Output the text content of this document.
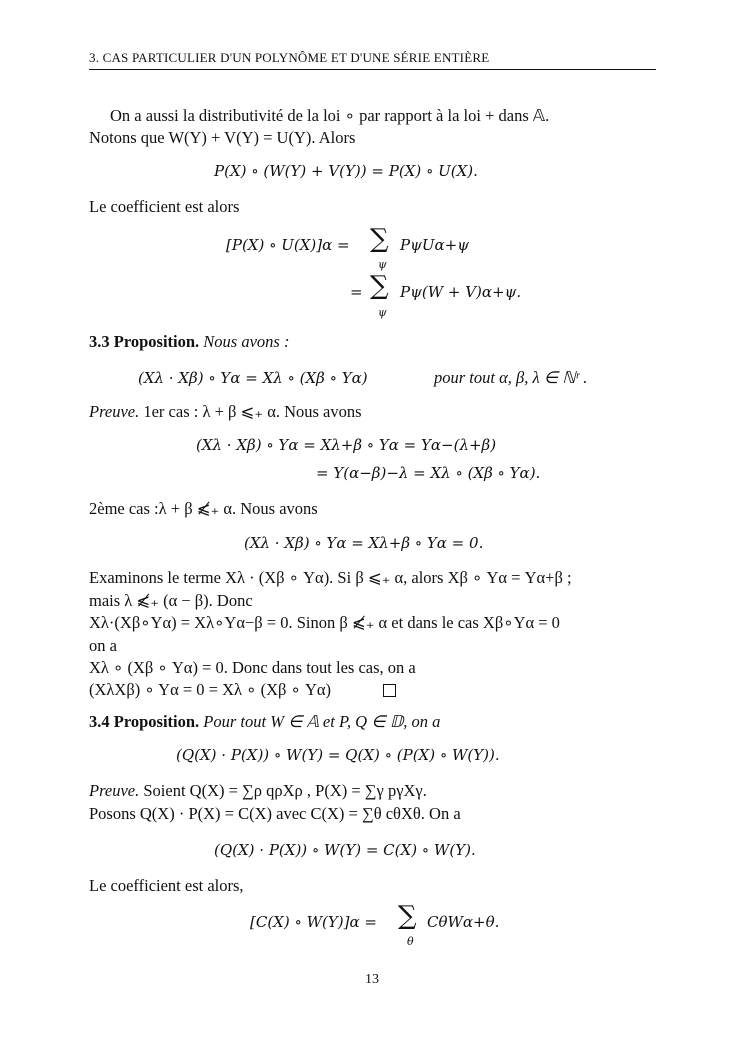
3. CAS PARTICULIER D'UN POLYNÔME ET D'UNE SÉRIE ENTIÈRE
On a aussi la distributivité de la loi ∘ par rapport à la loi + dans 𝔸.
Notons que W(Y) + V(Y) = U(Y). Alors
P(X) ∘ (W(Y) + V(Y)) = P(X) ∘ U(X).
Le coefficient est alors
[P(X) ∘ U(X)]α = ∑
ψ
PψUα+ψ
= ∑
ψ
Pψ(W + V)α+ψ.
3.3 Proposition. Nous avons :
(Xλ · Xβ) ∘ Yα = Xλ ∘ (Xβ ∘ Yα)	pour tout α, β, λ ∈ ℕʳ .
Preuve. 1er cas : λ + β ⩽₊ α. Nous avons
(Xλ · Xβ) ∘ Yα = Xλ+β ∘ Yα = Yα−(λ+β)
= Y(α−β)−λ = Xλ ∘ (Xβ ∘ Yα).
2ème cas :λ + β ⩽̸₊ α. Nous avons
(Xλ · Xβ) ∘ Yα = Xλ+β ∘ Yα = 0.
Examinons le terme Xλ · (Xβ ∘ Yα). Si β ⩽₊ α, alors Xβ ∘ Yα = Yα+β ;
mais λ ⩽̸₊ (α − β). Donc
Xλ·(Xβ∘Yα) = Xλ∘Yα−β = 0. Sinon β ⩽̸₊ α et dans le cas Xβ∘Yα = 0
on a
Xλ ∘ (Xβ ∘ Yα) = 0. Donc dans tout les cas, on a
(XλXβ) ∘ Yα = 0 = Xλ ∘ (Xβ ∘ Yα)
3.4 Proposition. Pour tout W ∈ 𝔸 et P, Q ∈ 𝔻, on a
(Q(X) · P(X)) ∘ W(Y) = Q(X) ∘ (P(X) ∘ W(Y)).
Preuve. Soient Q(X) = ∑ρ qρXρ , P(X) = ∑γ pγXγ.
Posons Q(X) · P(X) = C(X) avec C(X) = ∑θ cθXθ. On a
(Q(X) · P(X)) ∘ W(Y) = C(X) ∘ W(Y).
Le coefficient est alors,
[C(X) ∘ W(Y)]α = ∑
θ
CθWα+θ.
13
